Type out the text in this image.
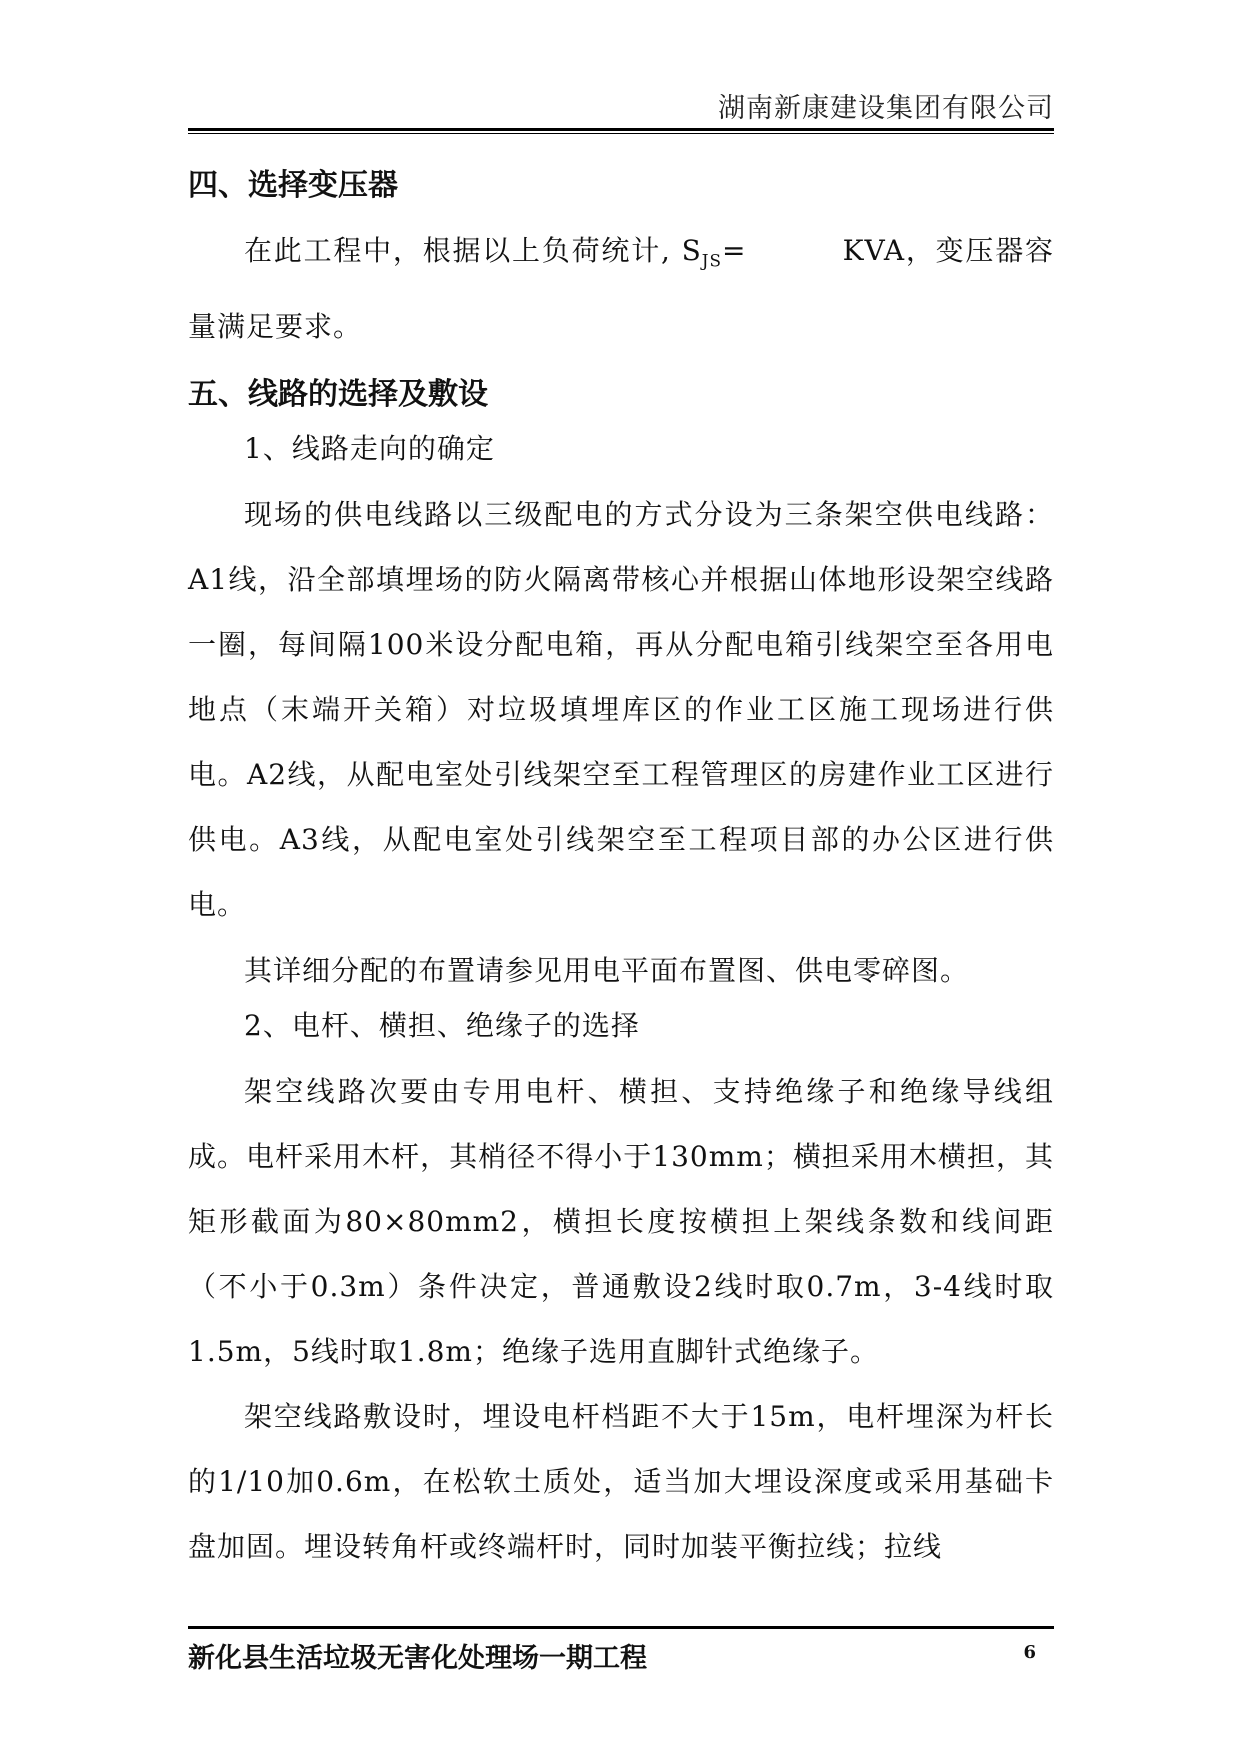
湖南新康建设集团有限公司
四、选择变压器

在此工程中，根据以上负荷统计, $S_{JS}=$         KVA，变压器容量满足要求。

五、线路的选择及敷设

1、线路走向的确定

现场的供电线路以三级配电的方式分设为三条架空供电线路：A1线，沿全部填埋场的防火隔离带核心并根据山体地形设架空线路一圈，每间隔100米设分配电箱，再从分配电箱引线架空至各用电地点（末端开关箱）对垃圾填埋库区的作业工区施工现场进行供电。A2线，从配电室处引线架空至工程管理区的房建作业工区进行供电。A3线，从配电室处引线架空至工程项目部的办公区进行供电。

其详细分配的布置请参见用电平面布置图、供电零碎图。

2、电杆、横担、绝缘子的选择

架空线路次要由专用电杆、横担、支持绝缘子和绝缘导线组成。电杆采用木杆，其梢径不得小于130mm；横担采用木横担，其矩形截面为80×80mm2，横担长度按横担上架线条数和线间距（不小于0.3m）条件决定，普通敷设2线时取0.7m，3-4线时取1.5m，5线时取1.8m；绝缘子选用直脚针式绝缘子。

架空线路敷设时，埋设电杆档距不大于15m，电杆埋深为杆长的1/10加0.6m，在松软土质处，适当加大埋设深度或采用基础卡盘加固。埋设转角杆或终端杆时，同时加装平衡拉线；拉线

新化县生活垃圾无害化处理场一期工程	6
